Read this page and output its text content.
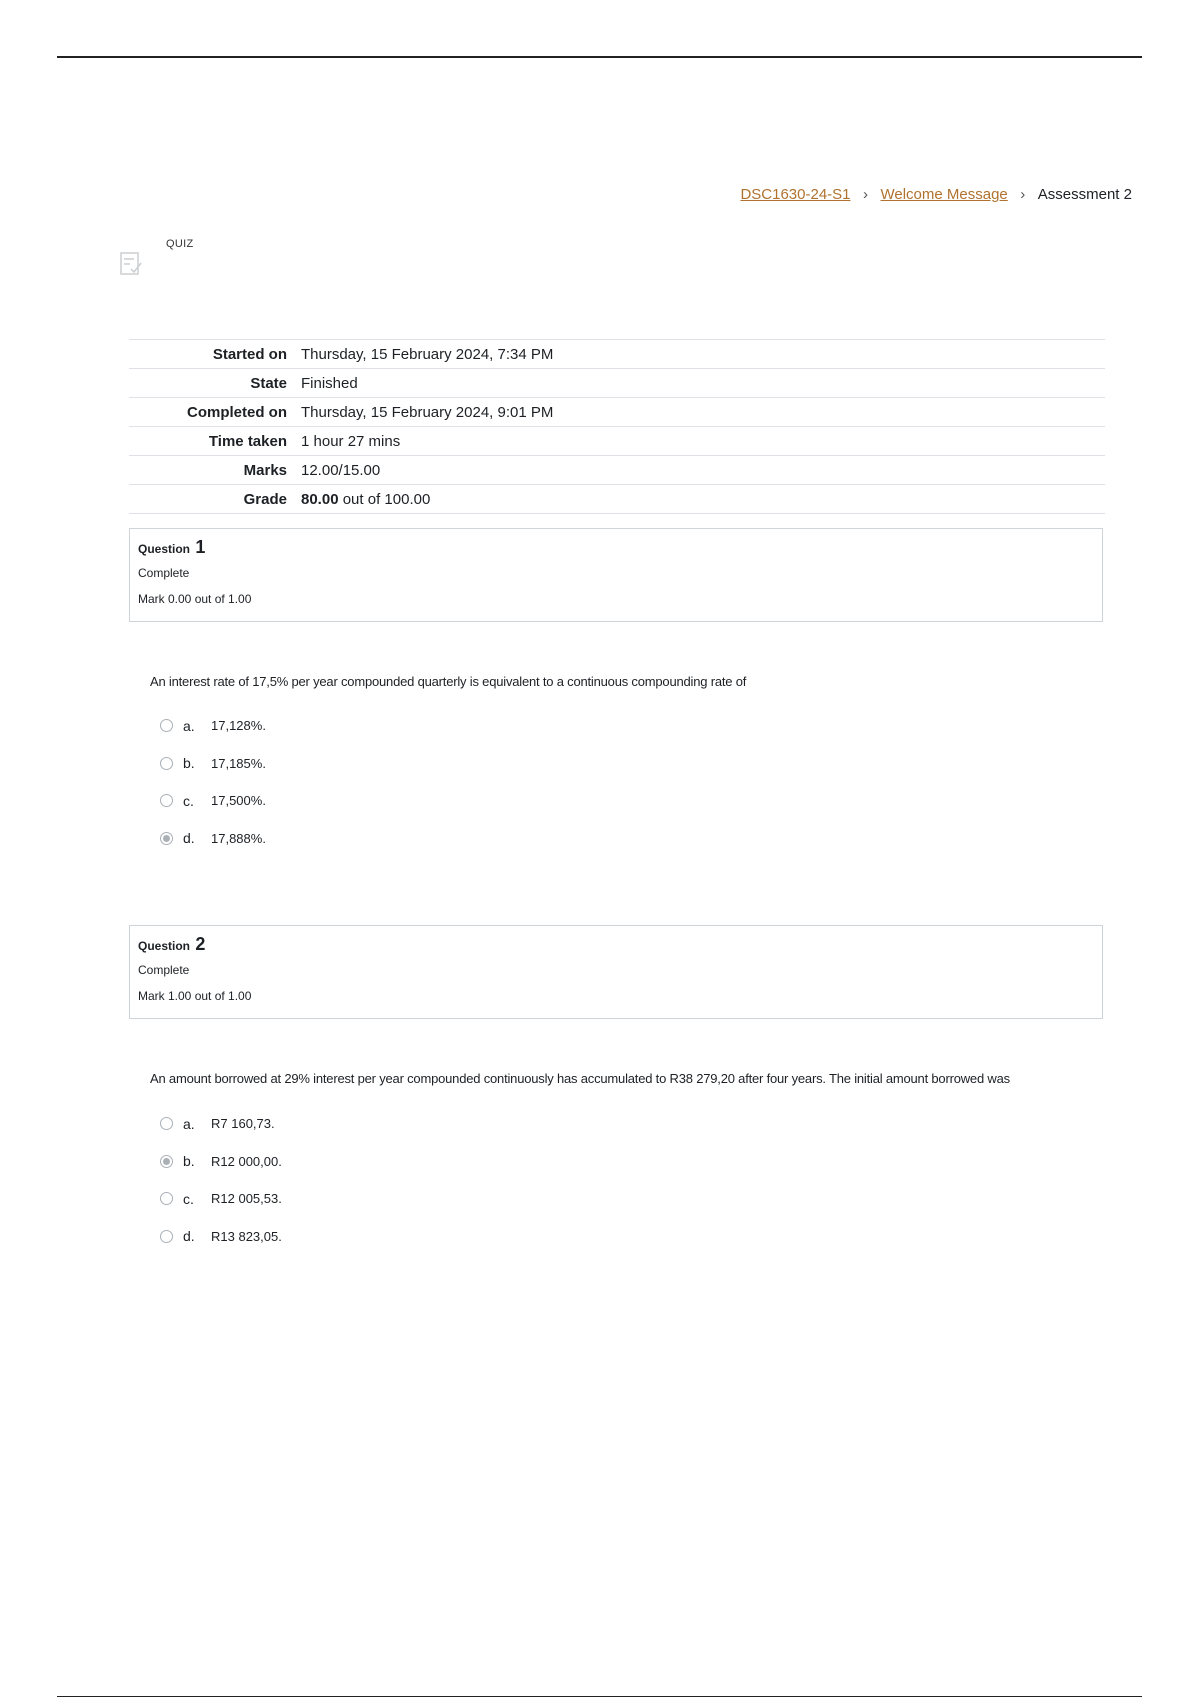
DSC1630-24-S1 › Welcome Message › Assessment 2
QUIZ
Started on	Thursday, 15 February 2024, 7:34 PM
State	Finished
Completed on	Thursday, 15 February 2024, 9:01 PM
Time taken	1 hour 27 mins
Marks	12.00/15.00
Grade	80.00 out of 100.00
Question 1
Complete
Mark 0.00 out of 1.00
An interest rate of 17,5% per year compounded quarterly is equivalent to a continuous compounding rate of
a.	17,128%.
b.	17,185%.
c.	17,500%.
d.	17,888%.
Question 2
Complete
Mark 1.00 out of 1.00
An amount borrowed at 29% interest per year compounded continuously has accumulated to R38 279,20 after four years. The initial amount borrowed was
a.	R7 160,73.
b.	R12 000,00.
c.	R12 005,53.
d.	R13 823,05.
